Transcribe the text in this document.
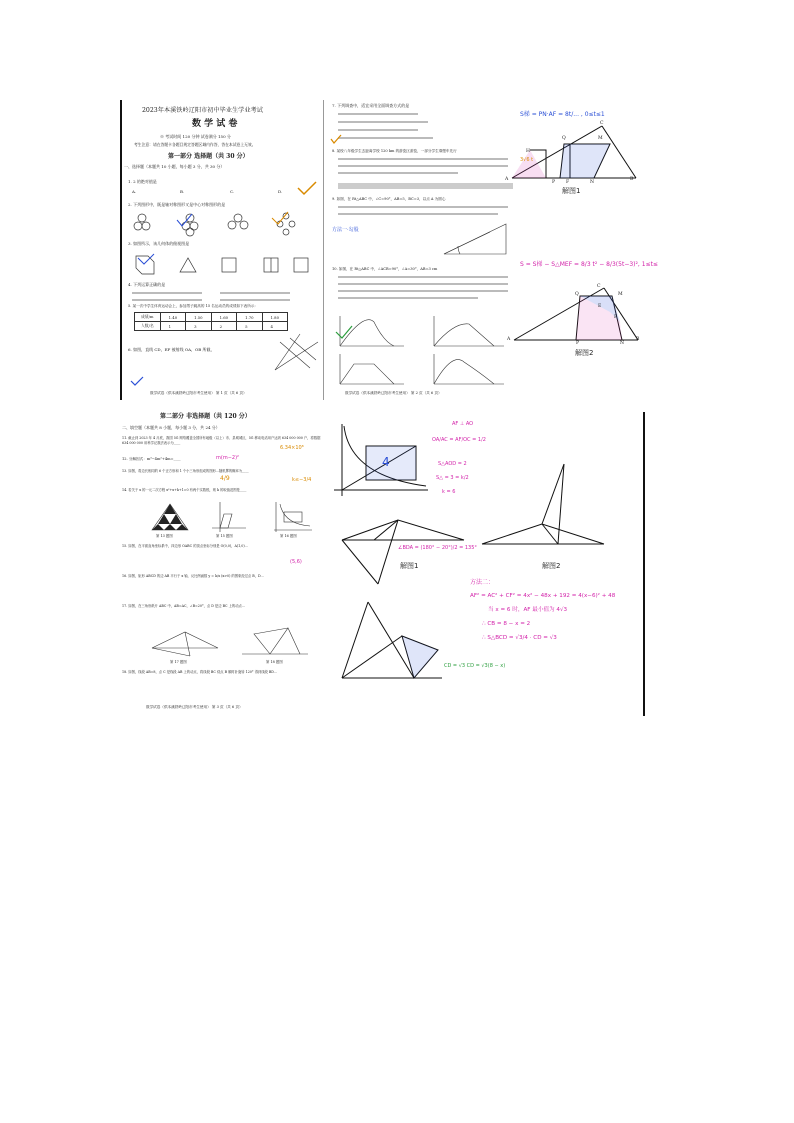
2023年本溪铁岭辽阳市初中毕业生学业考试
数 学 试 卷
※ 考试时间 120 分钟 试卷满分 150 分
考生注意：请在答题卡各题目规定答题区域内作答，答在本试卷上无效。
第一部分 选择题（共 30 分）
一、选择题（本题共 10 小题，每小题 3 分，共 30 分）
1. 2 的绝对值是
A.	B.	C.	D.
2. 下列图形中，既是轴对称图形又是中心对称图形的是
3. 如图所示，该几何体的俯视图是
4. 下列运算正确的是
5. 某一次中学生体育运动会上，参加男子跳高的 15 名运动员的成绩如下表所示：
成绩/m	1.40	1.50	1.60	1.70	1.80
人数/名	1	3	2	5	4
6. 如图，直线 CD，EF 被射线 OA，OB 所截，
数学试卷（供本溪铁岭辽阳市考生使用） 第 1 页（共 6 页）
7. 下列调查中，适宜采用全面调查方式的是
8. 某校八年级学生去距离学校 120 km 的游览区游览，一部分学生乘慢车先行
9. 如图，在 Rt△ABC 中，∠C=90°，AB=5，BC=3，以点 A 为圆心
方法一·勾股
10. 如图，在 Rt△ABC 中，∠ACB=90°，∠A=30°，AB=3 cm
数学试卷（供本溪铁岭辽阳市考生使用） 第 2 页（共 6 页）
S梯 = PN·AF = 8t/... , 0≤t≤1
A
P F	N
B
Q	M
C
H
3√6 t
解图1
S = S梯 − S△MEF = 8/3 t² − 8/3(5t−3)², 1≤t≤
A
P
Q
C
M
E
F
N
B
解图2
第二部分 非选择题（共 120 分）
二、填空题（本题共 8 小题，每小题 3 分，共 24 分）
11. 截止到 2023 年 4 月底，我国 5G 网络覆盖全国所有地级（以上）市、县城城区，5G 移动电话用户达到 634 000 000 户，将数据 634 000 000 用科学记数法表示为____
6.34×10⁸
12. 分解因式：m³−4m²+4m=____	m(m−2)²
13. 如图，将边长相同的 6 个正方形和 1 个小三角形组成的图形...随机掷的概率为____
4/9
14. 若关于 x 的一元二次方程 x²+x+k+1=0 有两个实数根，则 k 的取值范围是____
k≤−3/4
第 13 题图	第 15 题图	第 16 题图
15. 如图，在平面直角坐标系中，四边形 OABC 的顶点坐标分别是 O(0,0)，A(1,0)...
(5,6)
16. 如图，矩形 ABCD 的边 AB 平行于 x 轴，反比例函数 y = k/x (x>0) 的图象经过点 B，D...
17. 如图，在三角形纸片 ABC 中，AB=AC，∠B=20°，点 D 是边 BC 上的动点...
第 17 题图	第 18 题图
18. 如图，线段 AB=8，点 C 是线段 AB 上的动点，将线段 BC 绕点 B 顺时针旋转 120° 得到线段 BD...
数学试卷（供本溪铁岭辽阳市考生使用） 第 3 页（共 6 页）
4
AF ⊥ AO
OA/AC = AF/OC = 1/2
S△AOD = 2
S△ = 3 = k/2
k = 6
∠BDA = (180° − 20°)/2 = 135°
解图1	解图2
CD = √3 CD = √3(8 − x)
方法二：
AF² = AC² + CF² = 4x² − 48x + 192 = 4(x−6)² + 48
当 x = 6 时，AF 最小值为 4√3
∴ CB = 8 − x = 2
∴ S△BCD = √3/4 · CD = √3
